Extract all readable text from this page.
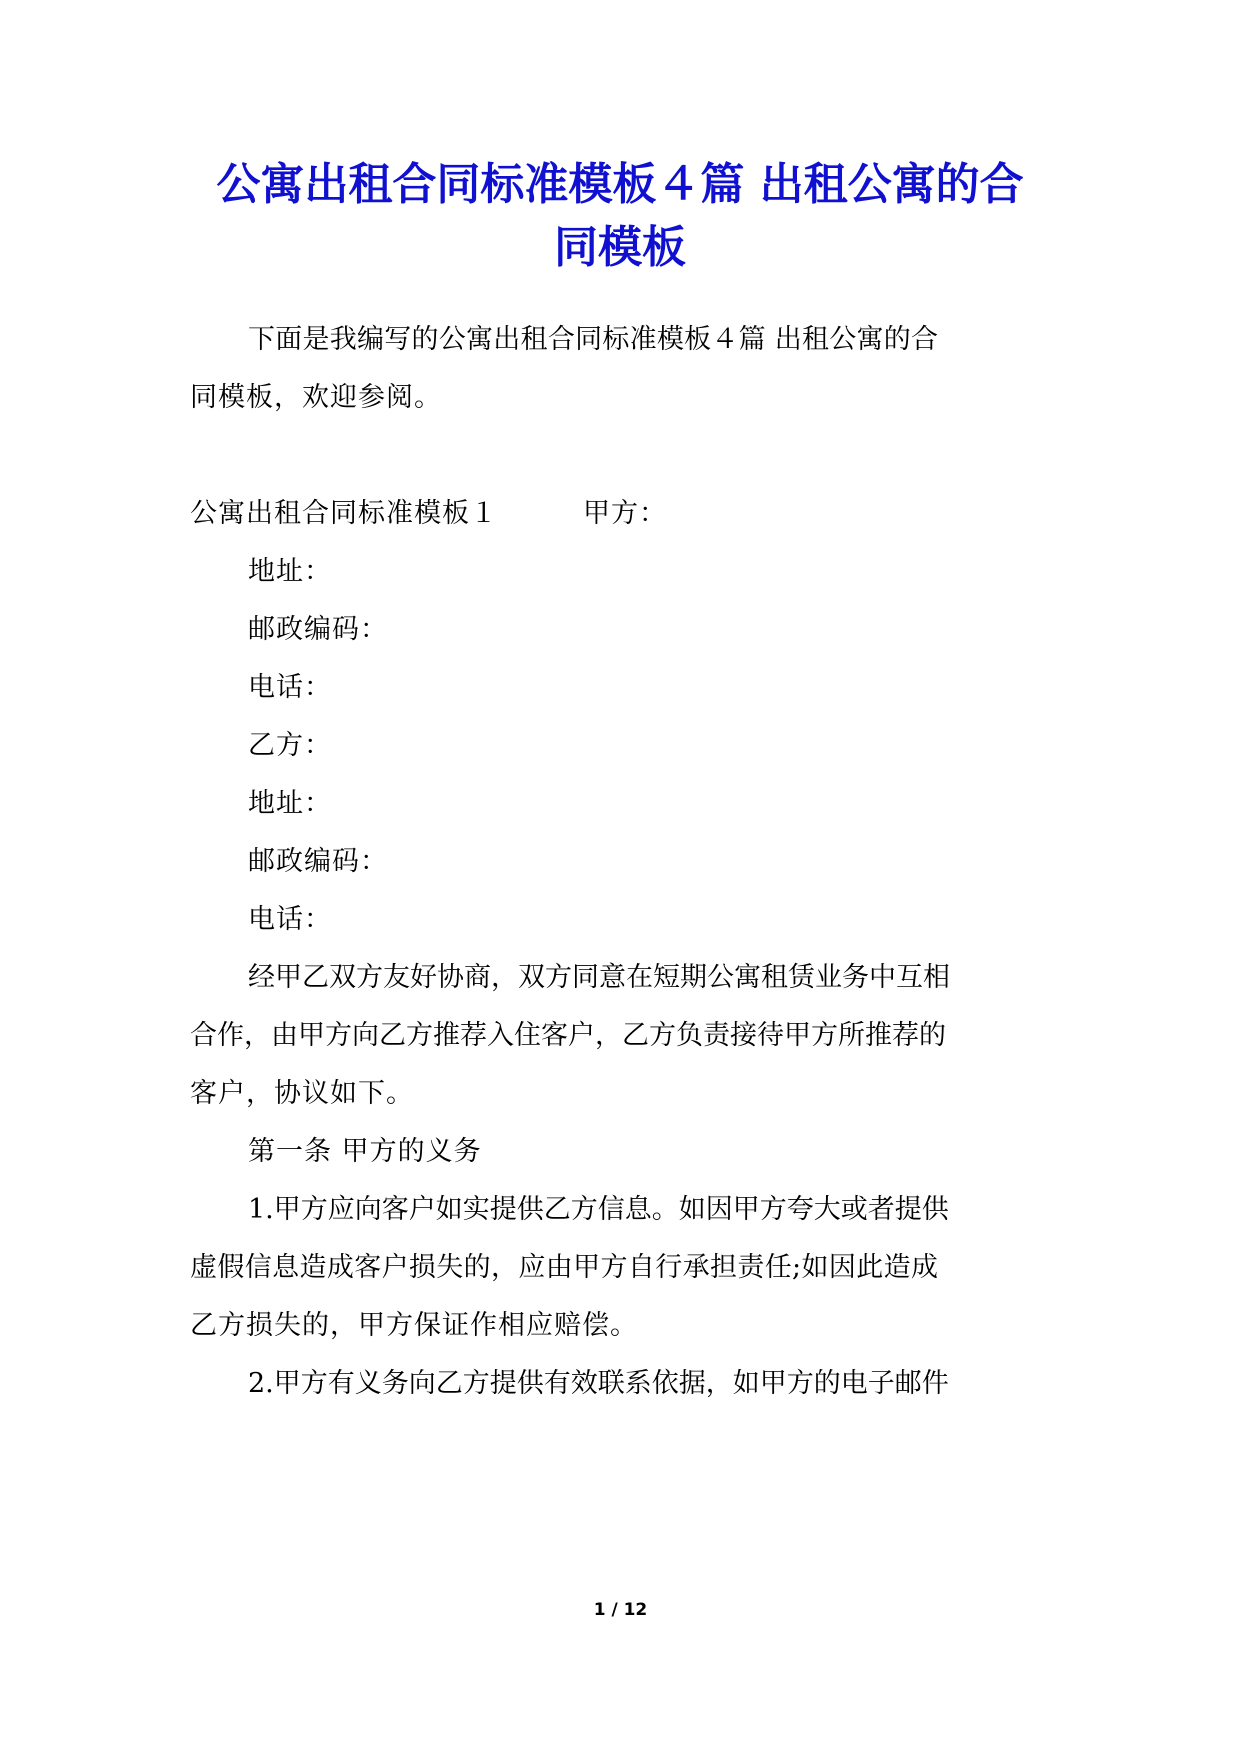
公寓出租合同标准模板４篇 出租公寓的合
同模板

下面是我编写的公寓出租合同标准模板４篇 出租公寓的合

同模板，欢迎参阅。

公寓出租合同标准模板１	甲方：

地址：

邮政编码：

电话：

乙方：

地址：

邮政编码：

电话：

经甲乙双方友好协商，双方同意在短期公寓租赁业务中互相

合作，由甲方向乙方推荐入住客户，乙方负责接待甲方所推荐的

客户，协议如下。

第一条 甲方的义务

1.甲方应向客户如实提供乙方信息。如因甲方夸大或者提供

虚假信息造成客户损失的，应由甲方自行承担责任;如因此造成

乙方损失的，甲方保证作相应赔偿。

2.甲方有义务向乙方提供有效联系依据，如甲方的电子邮件

1 / 12
